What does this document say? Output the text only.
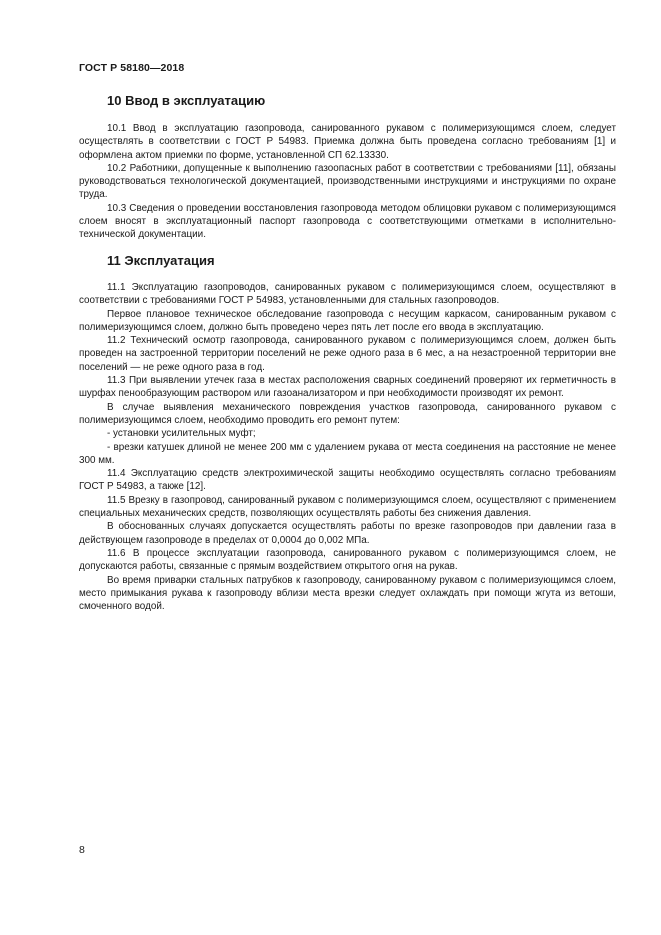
ГОСТ Р 58180—2018
10 Ввод в эксплуатацию

10.1 Ввод в эксплуатацию газопровода, санированного рукавом с полимеризующимся слоем, следует осуществлять в соответствии с ГОСТ Р 54983. Приемка должна быть проведена согласно требованиям [1] и оформлена актом приемки по форме, установленной СП 62.13330.

10.2 Работники, допущенные к выполнению газоопасных работ в соответствии с требованиями [11], обязаны руководствоваться технологической документацией, производственными инструкциями и инструкциями по охране труда.

10.3 Сведения о проведении восстановления газопровода методом облицовки рукавом с полимеризующимся слоем вносят в эксплуатационный паспорт газопровода с соответствующими отметками в исполнительно-технической документации.

11 Эксплуатация

11.1 Эксплуатацию газопроводов, санированных рукавом с полимеризующимся слоем, осуществляют в соответствии с требованиями ГОСТ Р 54983, установленными для стальных газопроводов.

Первое плановое техническое обследование газопровода с несущим каркасом, санированным рукавом с полимеризующимся слоем, должно быть проведено через пять лет после его ввода в эксплуатацию.

11.2 Технический осмотр газопровода, санированного рукавом с полимеризующимся слоем, должен быть проведен на застроенной территории поселений не реже одного раза в 6 мес, а на незастроенной территории вне поселений — не реже одного раза в год.

11.3 При выявлении утечек газа в местах расположения сварных соединений проверяют их герметичность в шурфах пенообразующим раствором или газоанализатором и при необходимости производят их ремонт.

В случае выявления механического повреждения участков газопровода, санированного рукавом с полимеризующимся слоем, необходимо проводить его ремонт путем:

- установки усилительных муфт;

- врезки катушек длиной не менее 200 мм с удалением рукава от места соединения на расстояние не менее 300 мм.

11.4 Эксплуатацию средств электрохимической защиты необходимо осуществлять согласно требованиям ГОСТ Р 54983, а также [12].

11.5 Врезку в газопровод, санированный рукавом с полимеризующимся слоем, осуществляют с применением специальных механических средств, позволяющих осуществлять работы без снижения давления.

В обоснованных случаях допускается осуществлять работы по врезке газопроводов при давлении газа в действующем газопроводе в пределах от 0,0004 до 0,002 МПа.

11.6 В процессе эксплуатации газопровода, санированного рукавом с полимеризующимся слоем, не допускаются работы, связанные с прямым воздействием открытого огня на рукав.

Во время приварки стальных патрубков к газопроводу, санированному рукавом с полимеризующимся слоем, место примыкания рукава к газопроводу вблизи места врезки следует охлаждать при помощи жгута из ветоши, смоченного водой.

8
